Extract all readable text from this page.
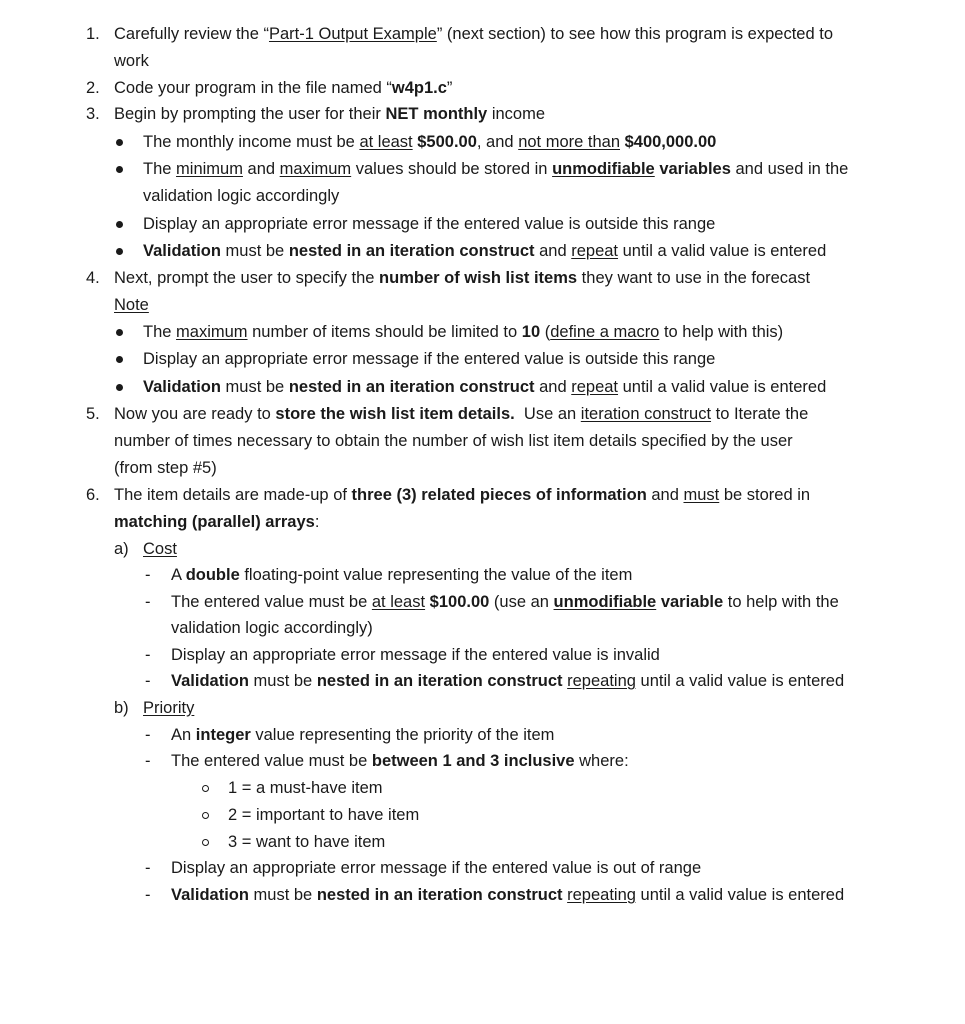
1. Carefully review the “Part-1 Output Example” (next section) to see how this program is expected to
work
2. Code your program in the file named “w4p1.c”
3. Begin by prompting the user for their NET monthly income
The monthly income must be at least $500.00, and not more than $400,000.00
The minimum and maximum values should be stored in unmodifiable variables and used in the
validation logic accordingly
Display an appropriate error message if the entered value is outside this range
Validation must be nested in an iteration construct and repeat until a valid value is entered
4. Next, prompt the user to specify the number of wish list items they want to use in the forecast
Note
The maximum number of items should be limited to 10 (define a macro to help with this)
Display an appropriate error message if the entered value is outside this range
Validation must be nested in an iteration construct and repeat until a valid value is entered
5. Now you are ready to store the wish list item details.  Use an iteration construct to Iterate the
number of times necessary to obtain the number of wish list item details specified by the user
(from step #5)
6. The item details are made-up of three (3) related pieces of information and must be stored in
matching (parallel) arrays:
a) Cost
- A double floating-point value representing the value of the item
- The entered value must be at least $100.00 (use an unmodifiable variable to help with the
validation logic accordingly)
- Display an appropriate error message if the entered value is invalid
- Validation must be nested in an iteration construct repeating until a valid value is entered
b) Priority
- An integer value representing the priority of the item
- The entered value must be between 1 and 3 inclusive where:
1 = a must-have item
2 = important to have item
3 = want to have item
- Display an appropriate error message if the entered value is out of range
- Validation must be nested in an iteration construct repeating until a valid value is entered
